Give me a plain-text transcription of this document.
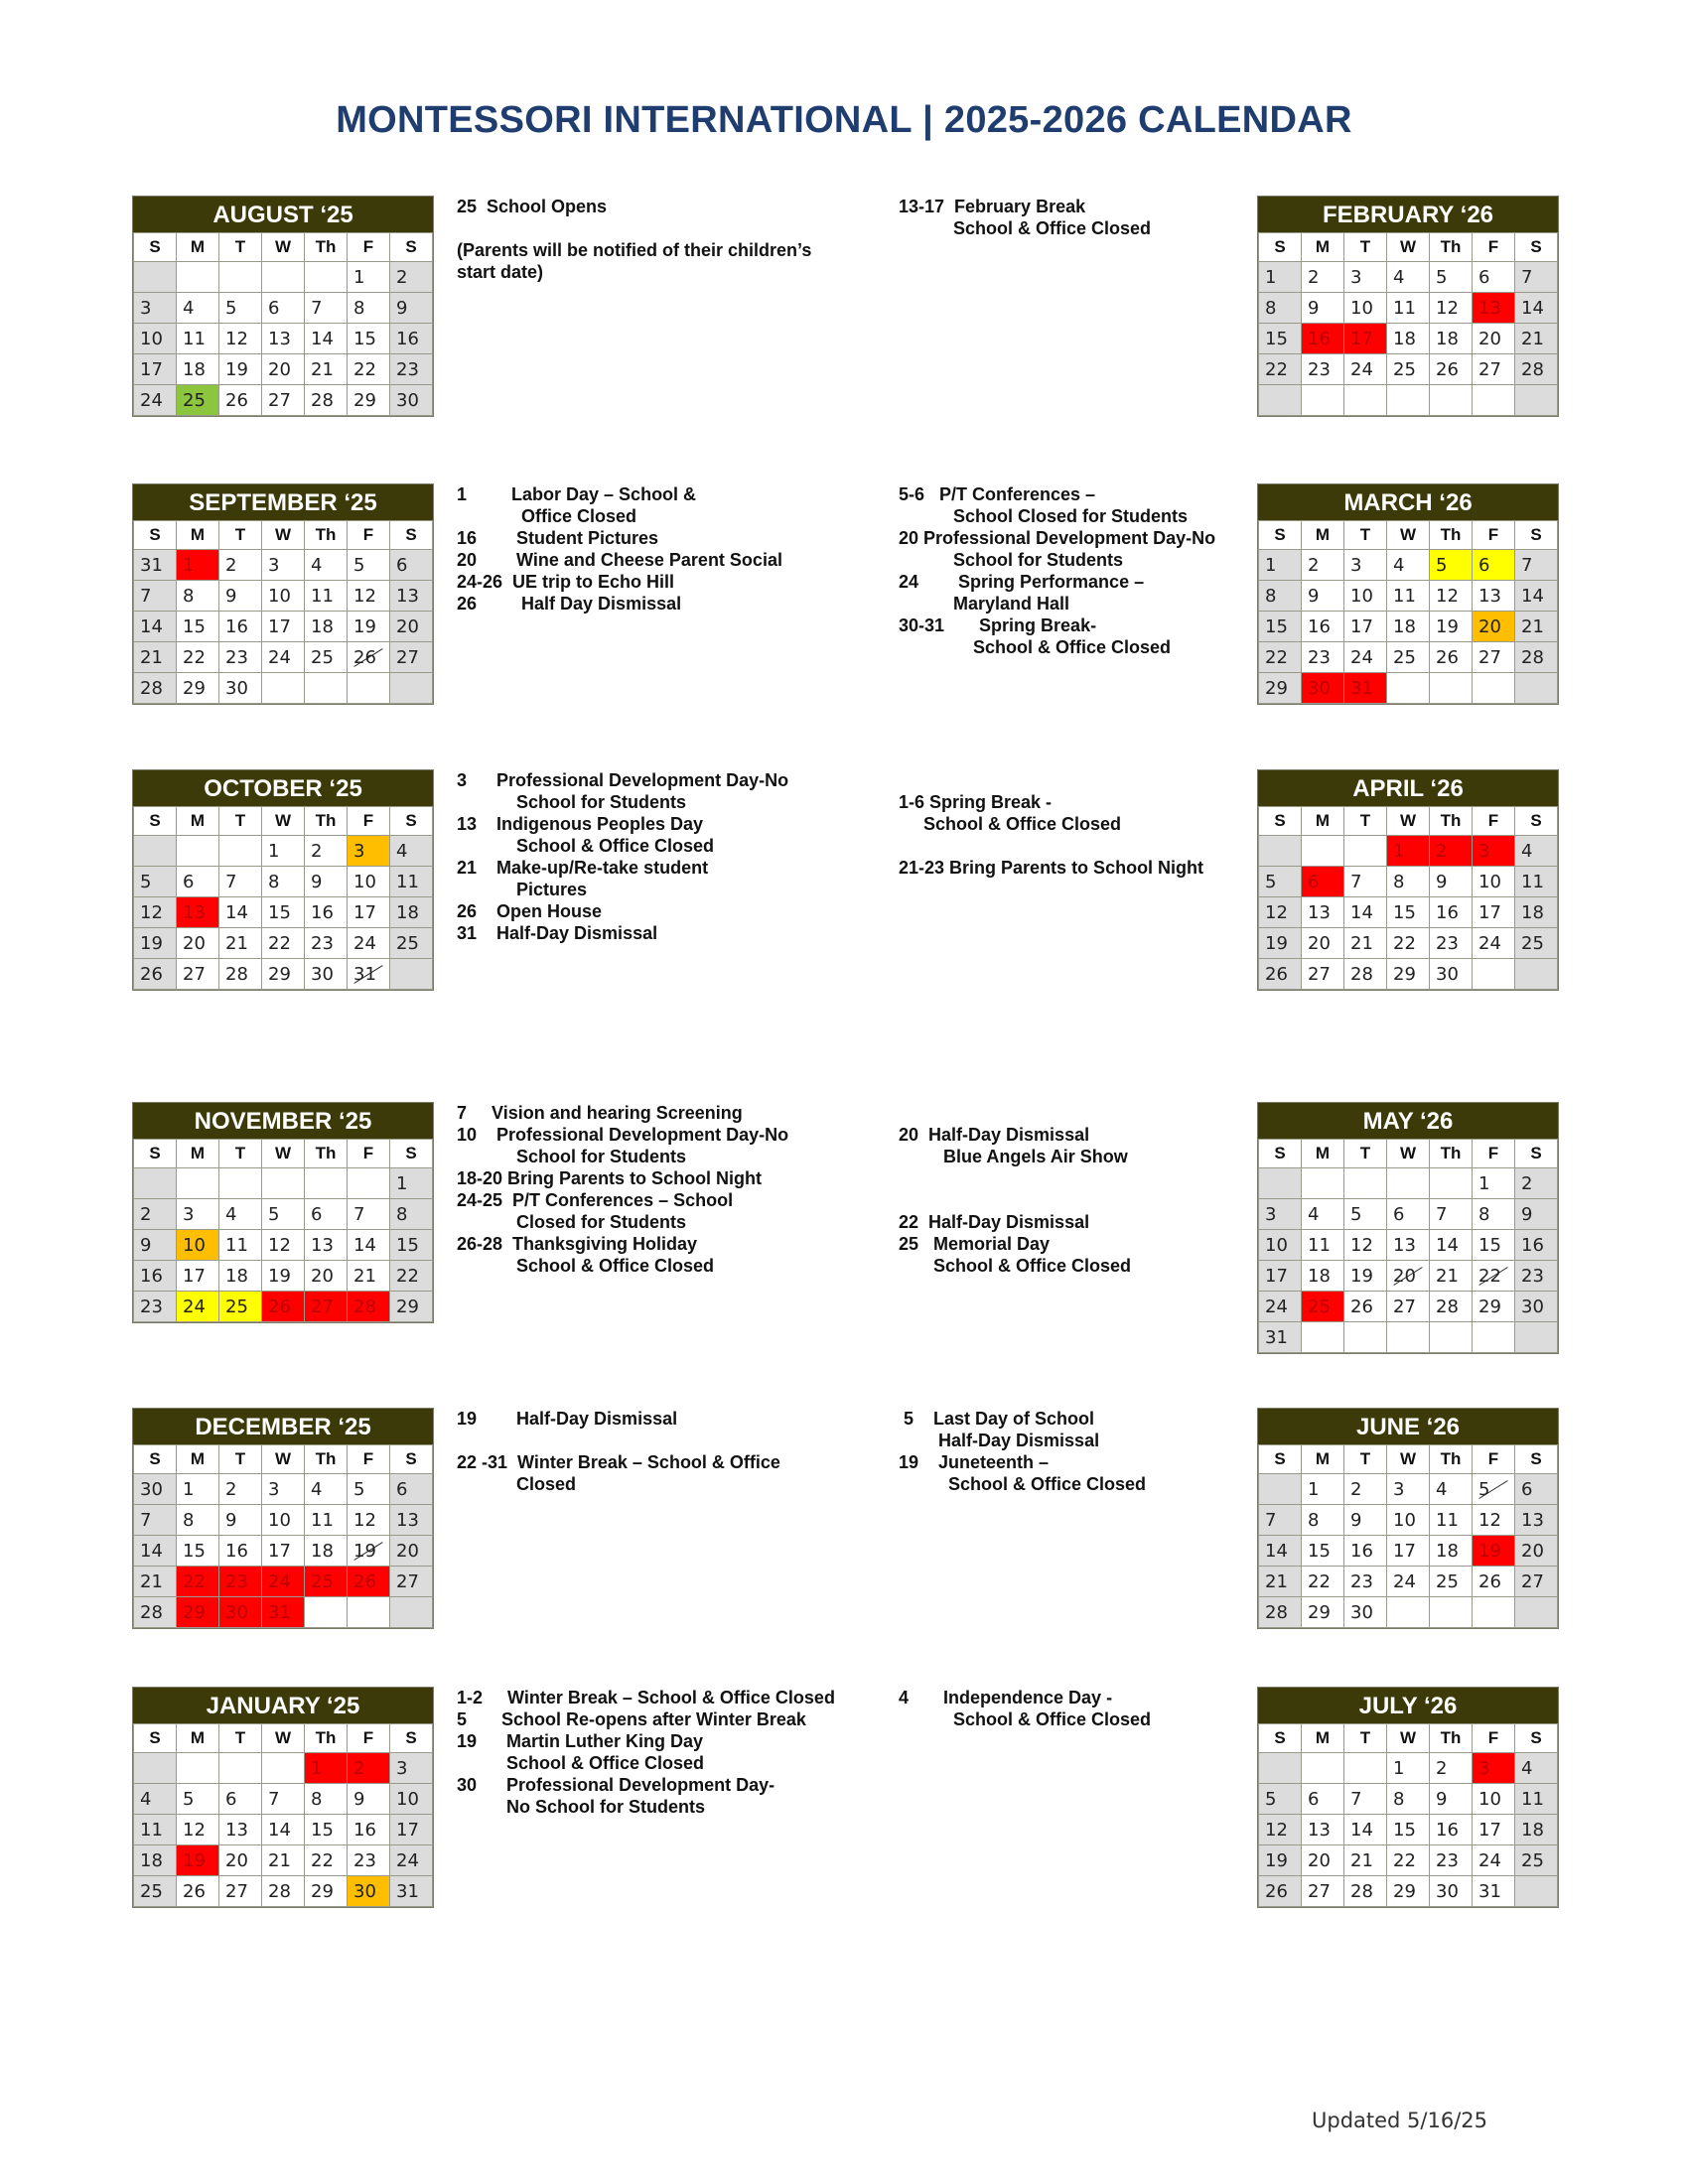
MONTESSORI INTERNATIONAL | 2025-2026 CALENDAR
AUGUST ‘25
S	M	T	W	Th	F	S
					1	2
3	4	5	6	7	8	9
10	11	12	13	14	15	16
17	18	19	20	21	22	23
24	25	26	27	28	29	30
FEBRUARY ‘26
S	M	T	W	Th	F	S
1	2	3	4	5	6	7
8	9	10	11	12	13	14
15	16	17	18	18	20	21
22	23	24	25	26	27	28

SEPTEMBER ‘25
S	M	T	W	Th	F	S
31	1	2	3	4	5	6
7	8	9	10	11	12	13
14	15	16	17	18	19	20
21	22	23	24	25	26	27
28	29	30				
MARCH ‘26
S	M	T	W	Th	F	S
1	2	3	4	5	6	7
8	9	10	11	12	13	14
15	16	17	18	19	20	21
22	23	24	25	26	27	28
29	30	31				
OCTOBER ‘25
S	M	T	W	Th	F	S
			1	2	3	4
5	6	7	8	9	10	11
12	13	14	15	16	17	18
19	20	21	22	23	24	25
26	27	28	29	30	31	
APRIL ‘26
S	M	T	W	Th	F	S
			1	2	3	4
5	6	7	8	9	10	11
12	13	14	15	16	17	18
19	20	21	22	23	24	25
26	27	28	29	30		
NOVEMBER ‘25
S	M	T	W	Th	F	S
						1
2	3	4	5	6	7	8
9	10	11	12	13	14	15
16	17	18	19	20	21	22
23	24	25	26	27	28	29
MAY ‘26
S	M	T	W	Th	F	S
					1	2
3	4	5	6	7	8	9
10	11	12	13	14	15	16
17	18	19	20	21	22	23
24	25	26	27	28	29	30
31						
DECEMBER ‘25
S	M	T	W	Th	F	S
30	1	2	3	4	5	6
7	8	9	10	11	12	13
14	15	16	17	18	19	20
21	22	23	24	25	26	27
28	29	30	31			
JUNE ‘26
S	M	T	W	Th	F	S
	1	2	3	4	5	6
7	8	9	10	11	12	13
14	15	16	17	18	19	20
21	22	23	24	25	26	27
28	29	30				
JANUARY ‘25
S	M	T	W	Th	F	S
				1	2	3
4	5	6	7	8	9	10
11	12	13	14	15	16	17
18	19	20	21	22	23	24
25	26	27	28	29	30	31
JULY ‘26
S	M	T	W	Th	F	S
			1	2	3	4
5	6	7	8	9	10	11
12	13	14	15	16	17	18
19	20	21	22	23	24	25
26	27	28	29	30	31	
25  School Opens

(Parents will be notified of their children’s
start date)
13-17  February Break
School & Office Closed
1         Labor Day – School &
Office Closed
16        Student Pictures
20        Wine and Cheese Parent Social
24-26  UE trip to Echo Hill
26         Half Day Dismissal
5-6   P/T Conferences –
School Closed for Students
20 Professional Development Day-No
School for Students
24        Spring Performance –
Maryland Hall
30-31       Spring Break-
School & Office Closed
3      Professional Development Day-No
School for Students
13    Indigenous Peoples Day
School & Office Closed
21    Make-up/Re-take student
Pictures
26    Open House
31    Half-Day Dismissal

1-6 Spring Break -
School & Office Closed

21-23 Bring Parents to School Night
7     Vision and hearing Screening
10    Professional Development Day-No
School for Students
18-20 Bring Parents to School Night
24-25  P/T Conferences – School
Closed for Students
26-28  Thanksgiving Holiday
School & Office Closed

20  Half-Day Dismissal
Blue Angels Air Show

22  Half-Day Dismissal
25   Memorial Day
School & Office Closed
19        Half-Day Dismissal

22 -31  Winter Break – School & Office
Closed
5    Last Day of School
Half-Day Dismissal
19    Juneteenth –
School & Office Closed
1-2     Winter Break – School & Office Closed
5       School Re-opens after Winter Break
19      Martin Luther King Day
School & Office Closed
30      Professional Development Day-
No School for Students
4       Independence Day -
School & Office Closed
Updated 5/16/25
